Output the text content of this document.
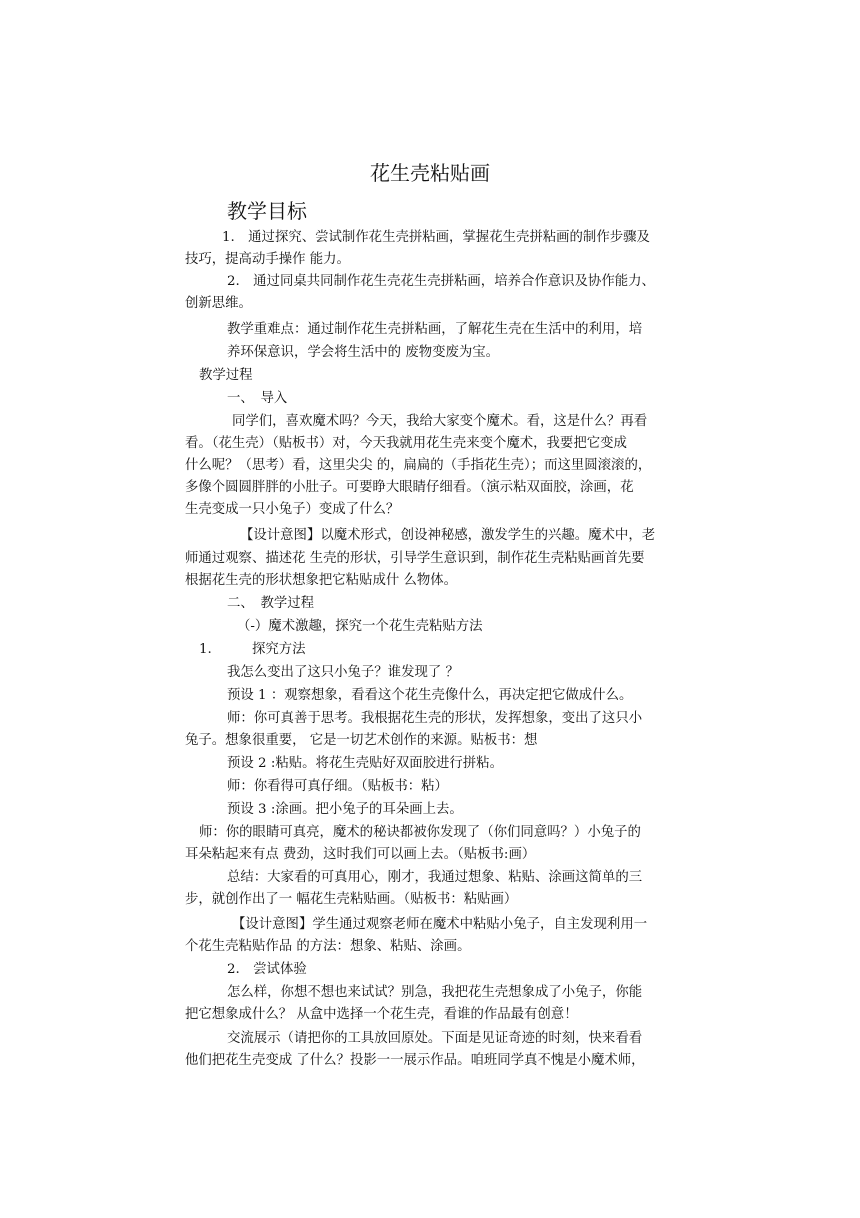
花生壳粘贴画
教学目标
1.　通过探究、尝试制作花生壳拼粘画，掌握花生壳拼粘画的制作步骤及
技巧，提高动手操作 能力。
2.　通过同桌共同制作花生壳花生壳拼粘画，培养合作意识及协作能力、
创新思维。
教学重难点：通过制作花生壳拼粘画，了解花生壳在生活中的利用，培
养环保意识，学会将生活中的 废物变废为宝。
教学过程
一、　导入
同学们，喜欢魔术吗？今天，我给大家变个魔术。看，这是什么？再看
看。（花生壳）（贴板书）对，今天我就用花生壳来变个魔术，我要把它变成
什么呢？（思考）看，这里尖尖 的，扁扁的（手指花生壳）；而这里圆滚滚的，
多像个圆圆胖胖的小肚子。可要睁大眼睛仔细看。（演示粘双面胶，涂画，花
生壳变成一只小兔子）变成了什么？
【设计意图】以魔术形式，创设神秘感，激发学生的兴趣。魔术中，老
师通过观察、描述花 生壳的形状，引导学生意识到，制作花生壳粘贴画首先要
根据花生壳的形状想象把它粘贴成什 么物体。
二、　教学过程
（-）魔术激趣，探究一个花生壳粘贴方法
1.　　　探究方法
我怎么变出了这只小兔子？谁发现了 ？
预设 1 ：观察想象，看看这个花生壳像什么，再决定把它做成什么。
师：你可真善于思考。我根据花生壳的形状，发挥想象，变出了这只小
兔子。想象很重要， 它是一切艺术创作的来源。贴板书：想
预设 2 :粘贴。将花生壳贴好双面胶进行拼粘。
师：你看得可真仔细。（贴板书：粘）
预设 3 :涂画。把小兔子的耳朵画上去。
师：你的眼睛可真亮，魔术的秘诀都被你发现了（你们同意吗？）小兔子的
耳朵粘起来有点 费劲，这时我们可以画上去。（贴板书:画）
总结：大家看的可真用心，刚才，我通过想象、粘贴、涂画这简单的三
步，就创作出了一 幅花生壳粘贴画。（贴板书：粘贴画）
【设计意图】学生通过观察老师在魔术中粘贴小兔子，自主发现利用一
个花生壳粘贴作品 的方法：想象、粘贴、涂画。
2.　尝试体验
怎么样，你想不想也来试试？别急，我把花生壳想象成了小兔子，你能
把它想象成什么？ 从盒中选择一个花生壳，看谁的作品最有创意！
交流展示（请把你的工具放回原处。下面是见证奇迹的时刻，快来看看
他们把花生壳变成 了什么？投影一一展示作品。咱班同学真不愧是小魔术师，
